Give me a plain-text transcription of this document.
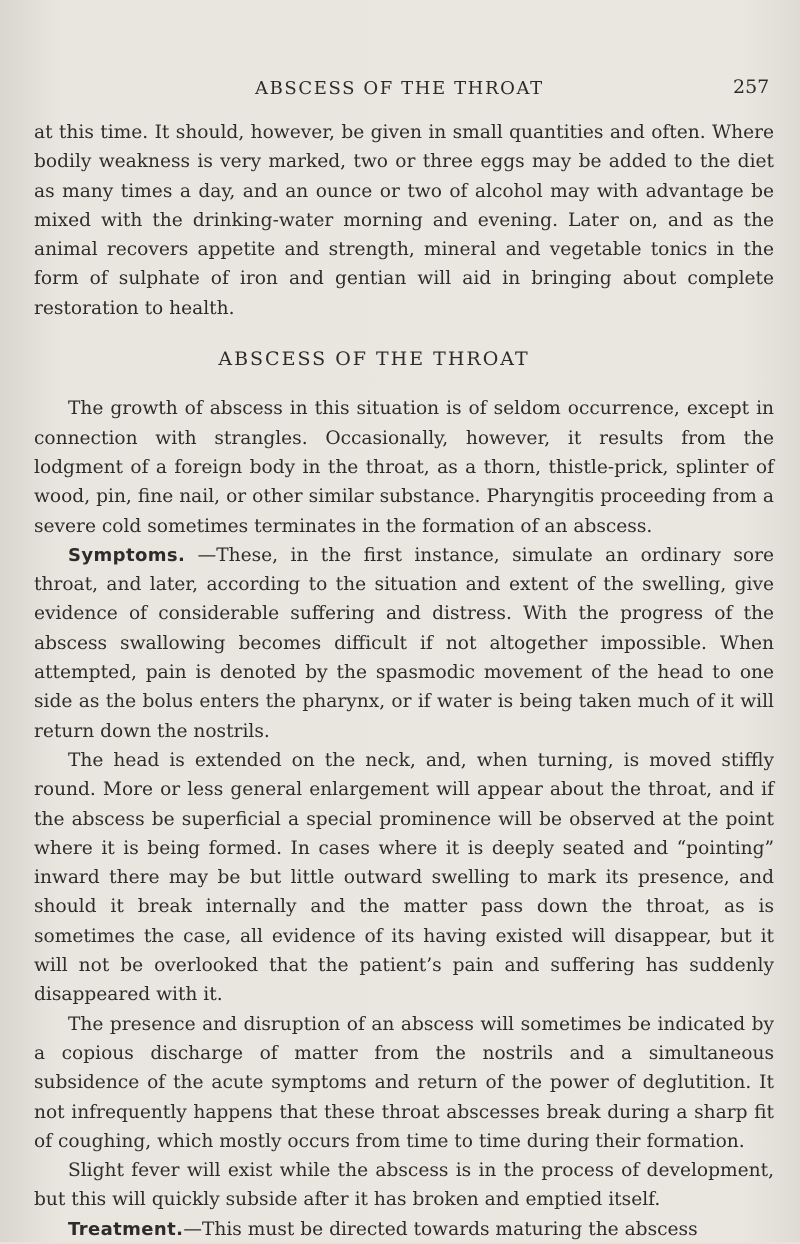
ABSCESS OF THE THROAT	257

at this time. It should, however, be given in small quantities and often. Where bodily weakness is very marked, two or three eggs may be added to the diet as many times a day, and an ounce or two of alcohol may with advantage be mixed with the drinking-water morning and evening. Later on, and as the animal recovers appetite and strength, mineral and vegetable tonics in the form of sulphate of iron and gentian will aid in bringing about complete restoration to health.

ABSCESS OF THE THROAT

The growth of abscess in this situation is of seldom occurrence, except in connection with strangles. Occasionally, however, it results from the lodgment of a foreign body in the throat, as a thorn, thistle-prick, splinter of wood, pin, fine nail, or other similar substance. Pharyngitis proceeding from a severe cold sometimes terminates in the formation of an abscess.

Symptoms. —These, in the first instance, simulate an ordinary sore throat, and later, according to the situation and extent of the swelling, give evidence of considerable suffering and distress. With the progress of the abscess swallowing becomes difficult if not altogether impossible. When attempted, pain is denoted by the spasmodic movement of the head to one side as the bolus enters the pharynx, or if water is being taken much of it will return down the nostrils.

The head is extended on the neck, and, when turning, is moved stiffly round. More or less general enlargement will appear about the throat, and if the abscess be superficial a special prominence will be observed at the point where it is being formed. In cases where it is deeply seated and “pointing” inward there may be but little outward swelling to mark its presence, and should it break internally and the matter pass down the throat, as is sometimes the case, all evidence of its having existed will disappear, but it will not be overlooked that the patient’s pain and suffering has suddenly disappeared with it.

The presence and disruption of an abscess will sometimes be indicated by a copious discharge of matter from the nostrils and a simultaneous subsidence of the acute symptoms and return of the power of deglutition. It not infrequently happens that these throat abscesses break during a sharp fit of coughing, which mostly occurs from time to time during their formation.

Slight fever will exist while the abscess is in the process of development, but this will quickly subside after it has broken and emptied itself.

Treatment.—This must be directed towards maturing the abscess
